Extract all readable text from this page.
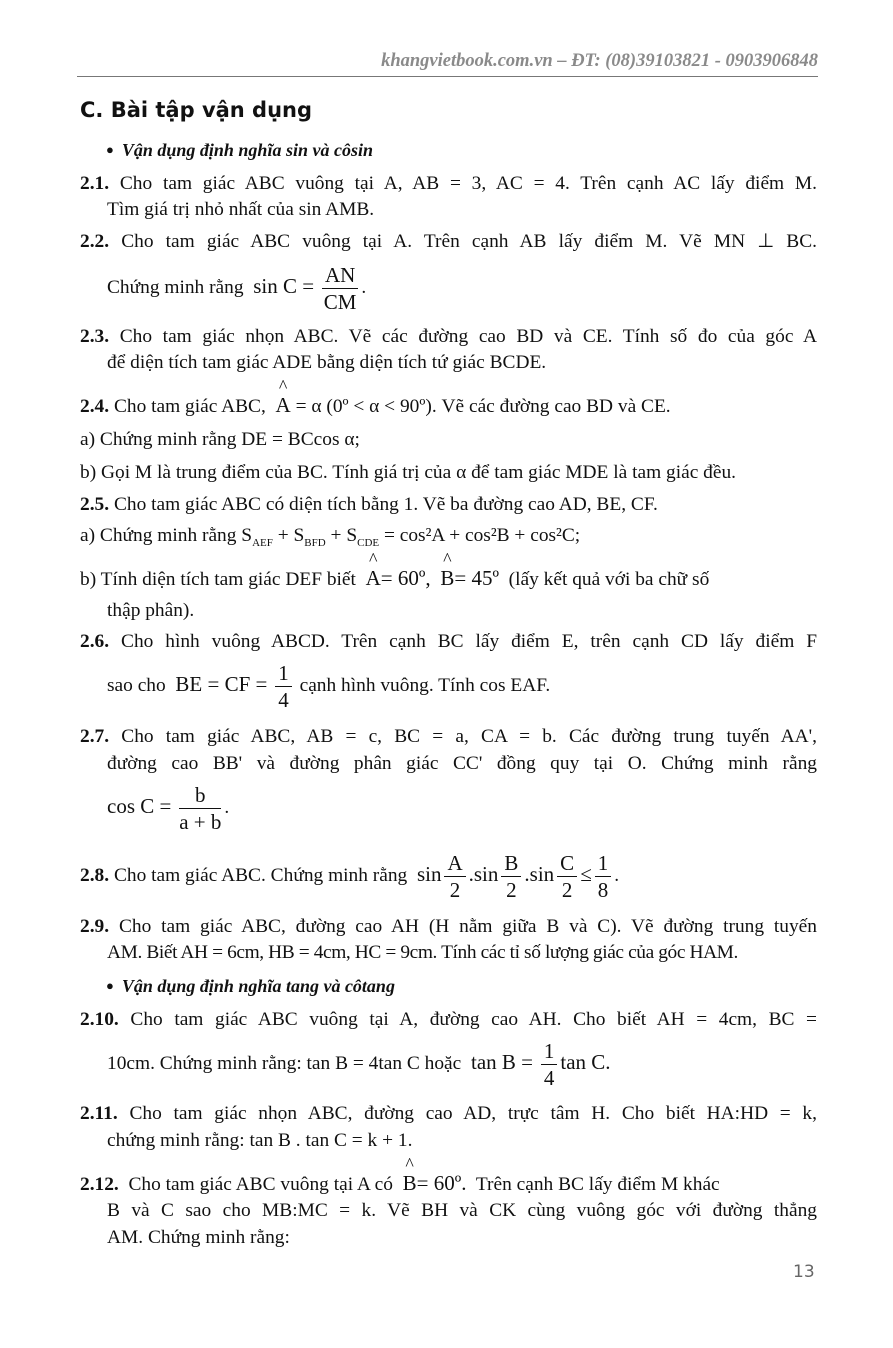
khangvietbook.com.vn – ĐT: (08)39103821 - 0903906848
C. Bài tập vận dụng
● Vận dụng định nghĩa sin và côsin
2.1. Cho tam giác ABC vuông tại A, AB = 3, AC = 4. Trên cạnh AC lấy điểm M.
Tìm giá trị nhỏ nhất của sin AMB.
2.2. Cho tam giác ABC vuông tại A. Trên cạnh AB lấy điểm M. Vẽ MN ⊥ BC.
Chứng minh rằng $\sin C = \frac{AN}{CM}$ .
2.3. Cho tam giác nhọn ABC. Vẽ các đường cao BD và CE. Tính số đo của góc A
để diện tích tam giác ADE bằng diện tích tứ giác BCDE.
2.4. Cho tam giác ABC,
^
A = α (0º < α < 90º). Vẽ các đường cao BD và CE.
a) Chứng minh rằng DE = BCcos α;
b) Gọi M là trung điểm của BC. Tính giá trị của α để tam giác MDE là tam giác đều.
2.5. Cho tam giác ABC có diện tích bằng 1. Vẽ ba đường cao AD, BE, CF.
a) Chứng minh rằng $S_{AEF} + S_{BFD} + S_{CDE} = \cos^2A + \cos^2B + \cos^2C$;
b) Tính diện tích tam giác DEF biết
^
A= 60º,
^
B= 45º (lấy kết quả với ba chữ số
thập phân).
2.6. Cho hình vuông ABCD. Trên cạnh BC lấy điểm E, trên cạnh CD lấy điểm F
sao cho BE = CF = $\frac{1}{4}$ cạnh hình vuông. Tính cos EAF.
2.7. Cho tam giác ABC, AB = c, BC = a, CA = b. Các đường trung tuyến AA',
đường cao BB' và đường phân giác CC' đồng quy tại O. Chứng minh rằng
$\cos C = \frac{b}{a + b}$ .
2.8. Cho tam giác ABC. Chứng minh rằng $\sin \frac{A}{2} .\sin \frac{B}{2} .\sin \frac{C}{2} \le \frac{1}{8}$ .
2.9. Cho tam giác ABC, đường cao AH (H nằm giữa B và C). Vẽ đường trung tuyến
AM. Biết AH = 6cm, HB = 4cm, HC = 9cm. Tính các tỉ số lượng giác của góc HAM.
● Vận dụng định nghĩa tang và côtang
2.10. Cho tam giác ABC vuông tại A, đường cao AH. Cho biết AH = 4cm, BC =
10cm. Chứng minh rằng: tan B = 4tan C hoặc $\tan B = \frac{1}{4}$ tan C.
2.11. Cho tam giác nhọn ABC, đường cao AD, trực tâm H. Cho biết HA:HD = k,
chứng minh rằng: tan B . tan C = k + 1.
2.12. Cho tam giác ABC vuông tại A có
^
B= 60º. Trên cạnh BC lấy điểm M khác
B và C sao cho MB:MC = k. Vẽ BH và CK cùng vuông góc với đường thẳng
AM. Chứng minh rằng:
13
